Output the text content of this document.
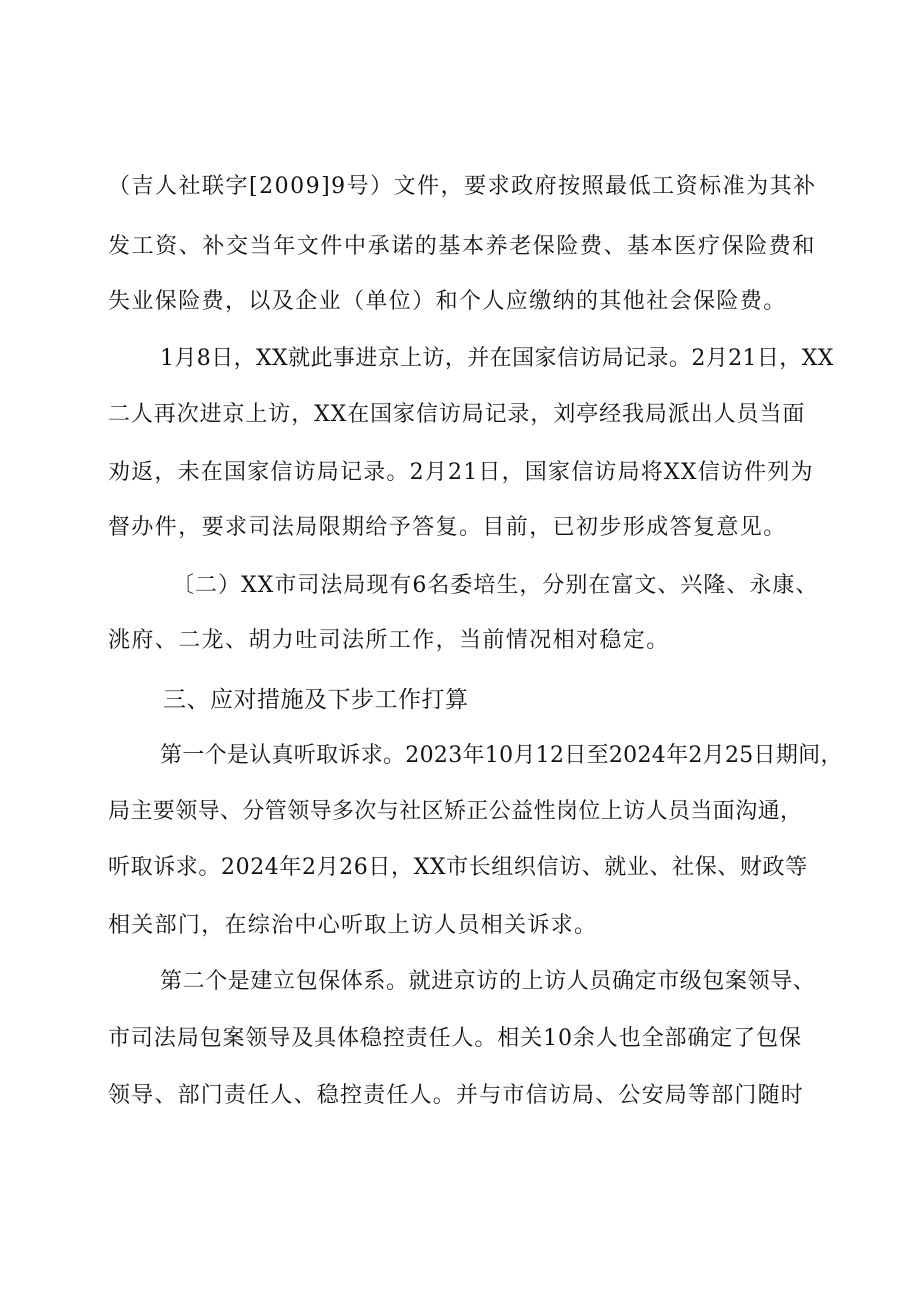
（吉人社联字[2009]9号）文件，要求政府按照最低工资标准为其补
发工资、补交当年文件中承诺的基本养老保险费、基本医疗保险费和
失业保险费，以及企业（单位）和个人应缴纳的其他社会保险费。
1月8日，XX就此事进京上访，并在国家信访局记录。2月21日，XX
二人再次进京上访，XX在国家信访局记录，刘亭经我局派出人员当面
劝返，未在国家信访局记录。2月21日，国家信访局将XX信访件列为
督办件，要求司法局限期给予答复。目前，已初步形成答复意见。
〔二）XX市司法局现有6名委培生，分别在富文、兴隆、永康、
洮府、二龙、胡力吐司法所工作，当前情况相对稳定。
三、应对措施及下步工作打算
第一个是认真听取诉求。2023年10月12日至2024年2月25日期间，
局主要领导、分管领导多次与社区矫正公益性岗位上访人员当面沟通，
听取诉求。2024年2月26日，XX市长组织信访、就业、社保、财政等
相关部门，在综治中心听取上访人员相关诉求。
第二个是建立包保体系。就进京访的上访人员确定市级包案领导、
市司法局包案领导及具体稳控责任人。相关10余人也全部确定了包保
领导、部门责任人、稳控责任人。并与市信访局、公安局等部门随时
